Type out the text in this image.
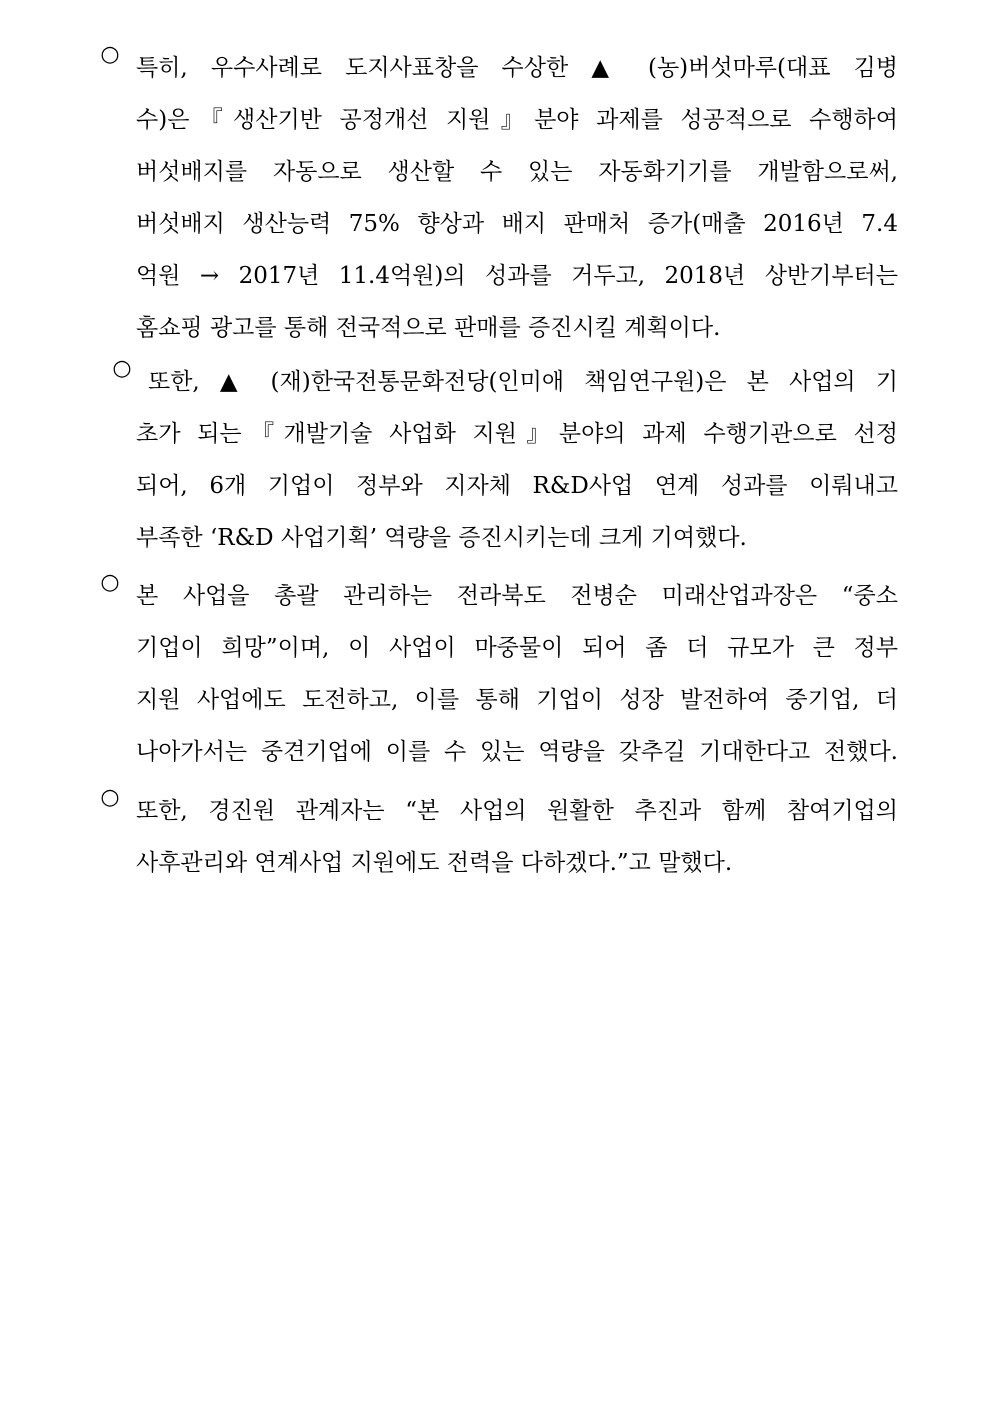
○
특히, 우수사례로 도지사표창을 수상한 ▲ (농)버섯마루(대표 김병
수)은『생산기반 공정개선 지원』분야 과제를 성공적으로 수행하여
버섯배지를 자동으로 생산할 수 있는 자동화기기를 개발함으로써,
버섯배지 생산능력 75% 향상과 배지 판매처 증가(매출 2016년 7.4
억원 → 2017년 11.4억원)의 성과를 거두고, 2018년 상반기부터는
홈쇼핑 광고를 통해 전국적으로 판매를 증진시킬 계획이다.
○
또한, ▲ (재)한국전통문화전당(인미애 책임연구원)은 본 사업의 기
초가 되는『개발기술 사업화 지원』분야의 과제 수행기관으로 선정
되어, 6개 기업이 정부와 지자체 R&D사업 연계 성과를 이뤄내고
부족한 ‘R&D 사업기획’ 역량을 증진시키는데 크게 기여했다.
○
본 사업을 총괄 관리하는 전라북도 전병순 미래산업과장은 “중소
기업이 희망”이며, 이 사업이 마중물이 되어 좀 더 규모가 큰 정부
지원 사업에도 도전하고, 이를 통해 기업이 성장 발전하여 중기업, 더
나아가서는 중견기업에 이를 수 있는 역량을 갖추길 기대한다고 전했다.
○
또한, 경진원 관계자는 “본 사업의 원활한 추진과 함께 참여기업의
사후관리와 연계사업 지원에도 전력을 다하겠다.”고 말했다.
